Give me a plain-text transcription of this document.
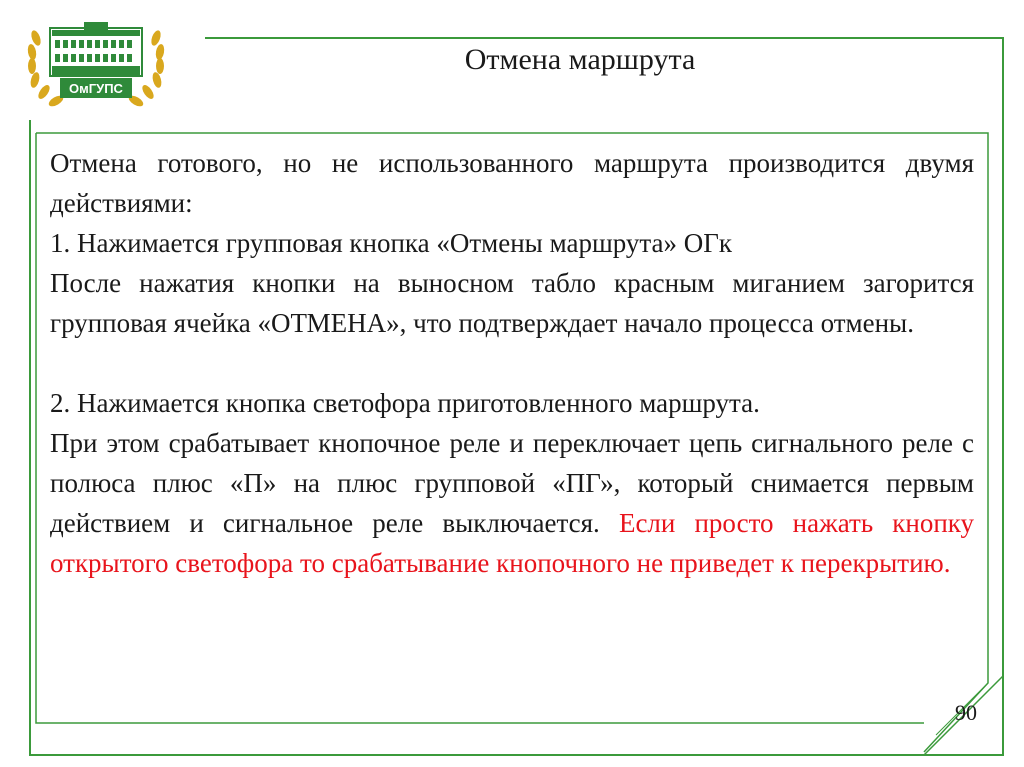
ОмГУПС
Отмена маршрута

Отмена готового, но не использованного маршрута производится двумя действиями:

1. Нажимается групповая кнопка «Отмены маршрута» ОГк

После нажатия кнопки на выносном табло красным миганием загорится групповая ячейка «ОТМЕНА», что подтверждает начало процесса отмены.

2. Нажимается кнопка светофора приготовленного маршрута.

При этом срабатывает кнопочное реле и переключает цепь сигнального реле с полюса плюс «П» на плюс групповой «ПГ», который снимается первым действием и сигнальное реле выключается. Если просто нажать кнопку открытого светофора то срабатывание кнопочного не приведет к перекрытию.

90
